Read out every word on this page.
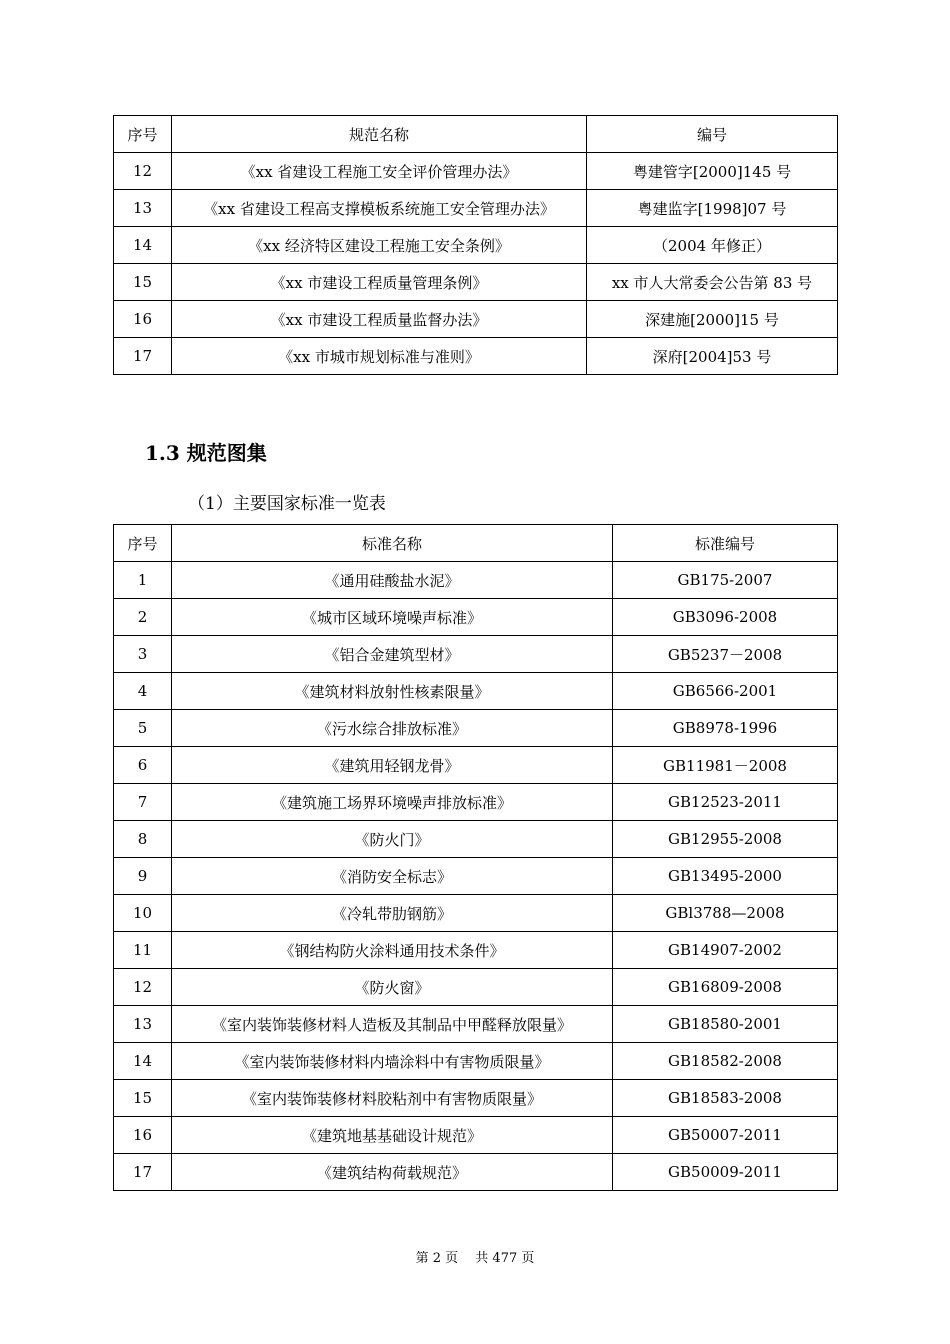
序号	规范名称	编号
12	《xx 省建设工程施工安全评价管理办法》	粤建管字[2000]145 号
13	《xx 省建设工程高支撑模板系统施工安全管理办法》	粤建监字[1998]07 号
14	《xx 经济特区建设工程施工安全条例》	（2004 年修正）
15	《xx 市建设工程质量管理条例》	xx 市人大常委会公告第 83 号
16	《xx 市建设工程质量监督办法》	深建施[2000]15 号
17	《xx 市城市规划标准与准则》	深府[2004]53 号
1.3 规范图集

（1）主要国家标准一览表

序号	标准名称	标准编号
1	《通用硅酸盐水泥》	GB175-2007
2	《城市区域环境噪声标准》	GB3096-2008
3	《铝合金建筑型材》	GB5237－2008
4	《建筑材料放射性核素限量》	GB6566-2001
5	《污水综合排放标准》	GB8978-1996
6	《建筑用轻钢龙骨》	GB11981－2008
7	《建筑施工场界环境噪声排放标准》	GB12523-2011
8	《防火门》	GB12955-2008
9	《消防安全标志》	GB13495-2000
10	《冷轧带肋钢筋》	GBl3788—2008
11	《钢结构防火涂料通用技术条件》	GB14907-2002
12	《防火窗》	GB16809-2008
13	《室内装饰装修材料人造板及其制品中甲醛释放限量》	GB18580-2001
14	《室内装饰装修材料内墙涂料中有害物质限量》	GB18582-2008
15	《室内装饰装修材料胶粘剂中有害物质限量》	GB18583-2008
16	《建筑地基基础设计规范》	GB50007-2011
17	《建筑结构荷载规范》	GB50009-2011
第 2 页　 共 477 页
